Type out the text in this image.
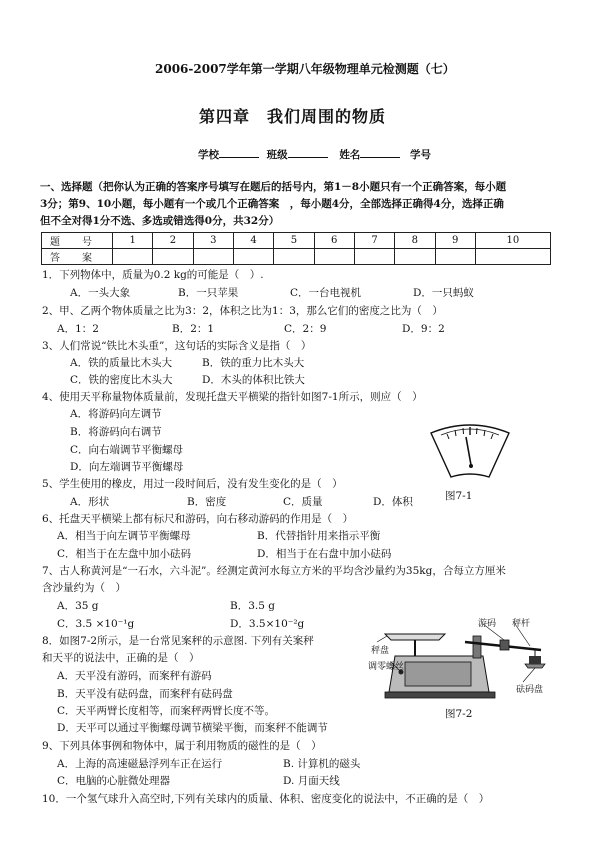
2006-2007学年第一学期八年级物理单元检测题（七）
第四章　我们周围的物质
学校	班级	姓名	学号
一、选择题（把你认为正确的答案序号填写在题后的括号内，第1－8小题只有一个正确答案，每小题
3分；第9、10小题，每小题有一个或几个正确答案　，每小题4分，全部选择正确得4分，选择正确
但不全对得1分不选、多选或错选得0分，共32分）
题　号	1	2	3	4	5	6	7	8	9	10
答　案										
1．下列物体中，质量为0.2 kg的可能是（　）.
A．一头大象	B．一只苹果	C．一台电视机	D．一只蚂蚁
2、甲、乙两个物体质量之比为3：2，体积之比为1：3，那么它们的密度之比为（　）
A．1：2	B．2：1	C．2：9	D．9：2
3、人们常说“铁比木头重”，这句话的实际含义是指（　）
A．铁的质量比木头大	B．铁的重力比木头大
C．铁的密度比木头大	D．木头的体积比铁大
4、使用天平称量物体质量前，发现托盘天平横梁的指针如图7-1所示，则应（　）
A．将游码向左调节
B．将游码向右调节
C．向右端调节平衡螺母
D．向左端调节平衡螺母
图7-1
5、学生使用的橡皮，用过一段时间后，没有发生变化的是（　）
A．形状	B．密度	C．质量	D．体积
6、托盘天平横梁上都有标尺和游码，向右移动游码的作用是（　）
A．相当于向左调节平衡螺母	B．代替指针用来指示平衡
C．相当于在左盘中加小砝码	D．相当于在右盘中加小砝码
7、古人称黄河是“一石水，六斗泥”。经测定黄河水每立方米的平均含沙量约为35kg，合每立方厘米
含沙量约为（　）
A．35 g	B．3.5 g
C．3.5 ×10⁻¹g	D．3.5×10⁻²g
8．如图7-2所示，是一台常见案秤的示意图. 下列有关案秤
和天平的说法中，正确的是（　）
A．天平没有游码，而案秤有游码
B．天平没有砝码盘，而案秤有砝码盘
C．天平两臂长度相等，而案秤两臂长度不等。
D．天平可以通过平衡螺母调节横梁平衡，而案秤不能调节
游码 秤杆
秤盘
调零螺丝
砝码盘
图7-2
9、下列具体事例和物体中，属于利用物质的磁性的是（　）
A．上海的高速磁悬浮列车正在运行	B. 计算机的磁头
C．电脑的心脏微处理器	D. 月面天线
10．一个氢气球升入高空时,下列有关球内的质量、体积、密度变化的说法中，不正确的是（　）
